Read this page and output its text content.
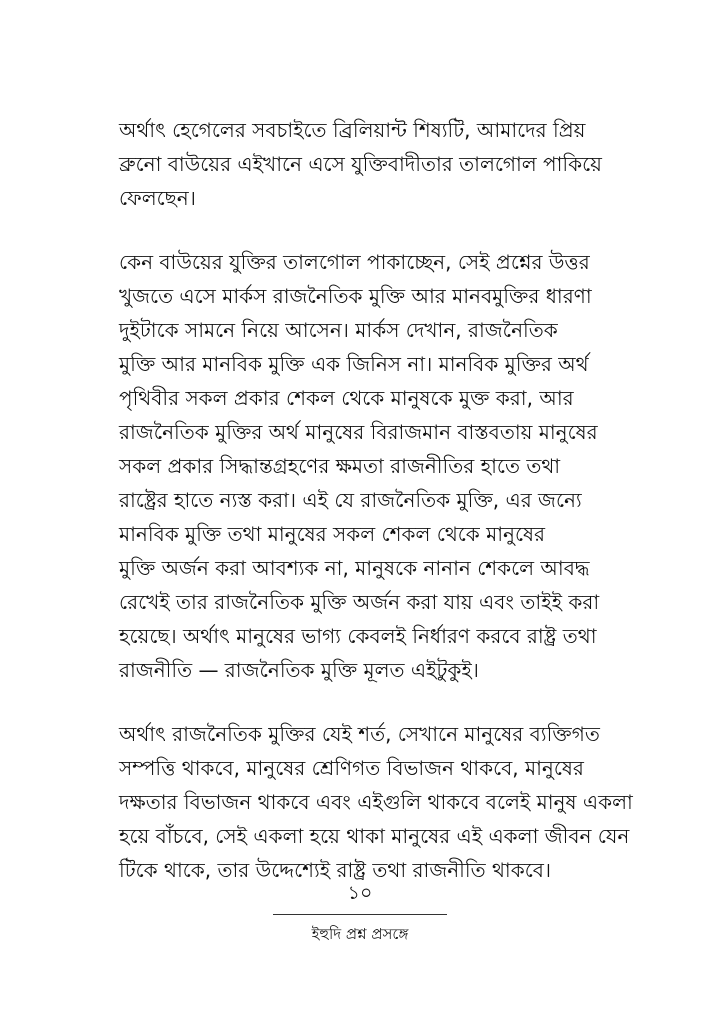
অর্থাৎ হেগেলের সবচাইতে ব্রিলিয়ান্ট শিষ্যটি, আমাদের প্রিয়
ব্রুনো বাউয়ের এইখানে এসে যুক্তিবাদীতার তালগোল পাকিয়ে
ফেলছেন।
কেন বাউয়ের যুক্তির তালগোল পাকাচ্ছেন, সেই প্রশ্নের উত্তর
খুজতে এসে মার্কস রাজনৈতিক মুক্তি আর মানবমুক্তির ধারণা
দুইটাকে সামনে নিয়ে আসেন। মার্কস দেখান, রাজনৈতিক
মুক্তি আর মানবিক মুক্তি এক জিনিস না। মানবিক মুক্তির অর্থ
পৃথিবীর সকল প্রকার শেকল থেকে মানুষকে মুক্ত করা, আর
রাজনৈতিক মুক্তির অর্থ মানুষের বিরাজমান বাস্তবতায় মানুষের
সকল প্রকার সিদ্ধান্তগ্রহণের ক্ষমতা রাজনীতির হাতে তথা
রাষ্ট্রের হাতে ন্যস্ত করা। এই যে রাজনৈতিক মুক্তি, এর জন্যে
মানবিক মুক্তি তথা মানুষের সকল শেকল থেকে মানুষের
মুক্তি অর্জন করা আবশ্যক না, মানুষকে নানান শেকলে আবদ্ধ
রেখেই তার রাজনৈতিক মুক্তি অর্জন করা যায় এবং তাইই করা
হয়েছে। অর্থাৎ মানুষের ভাগ্য কেবলই নির্ধারণ করবে রাষ্ট্র তথা
রাজনীতি — রাজনৈতিক মুক্তি মূলত এইটুকুই।
অর্থাৎ রাজনৈতিক মুক্তির যেই শর্ত, সেখানে মানুষের ব্যক্তিগত
সম্পত্তি থাকবে, মানুষের শ্রেণিগত বিভাজন থাকবে, মানুষের
দক্ষতার বিভাজন থাকবে এবং এইগুলি থাকবে বলেই মানুষ একলা
হয়ে বাঁচবে, সেই একলা হয়ে থাকা মানুষের এই একলা জীবন যেন
টিকে থাকে, তার উদ্দেশ্যেই রাষ্ট্র তথা রাজনীতি থাকবে।
১০
ইহুদি প্রশ্ন প্রসঙ্গে
